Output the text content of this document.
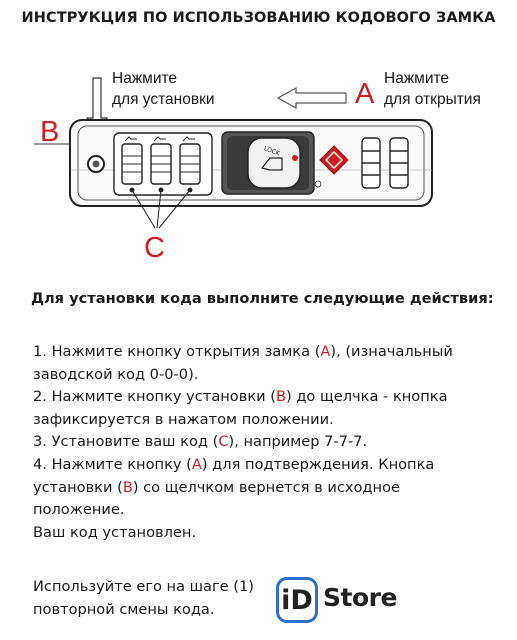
ИНСТРУКЦИЯ ПО ИСПОЛЬЗОВАНИЮ КОДОВОГО ЗАМКА
Нажмите
для установки
Нажмите
для открытия
A
B
C
LOCK
Для установки кода выполните следующие действия:
1. Нажмите кнопку открытия замка (А), (изначальный
заводской код 0-0-0).
2. Нажмите кнопку установки (В) до щелчка - кнопка
зафиксируется в нажатом положении.
3. Установите ваш код (С), например 7-7-7.
4. Нажмите кнопку (А) для подтверждения. Кнопка
установки (В) со щелчком вернется в исходное
положение.
Ваш код установлен.
Используйте его на шаге (1)
повторной смены кода.	iD Store
